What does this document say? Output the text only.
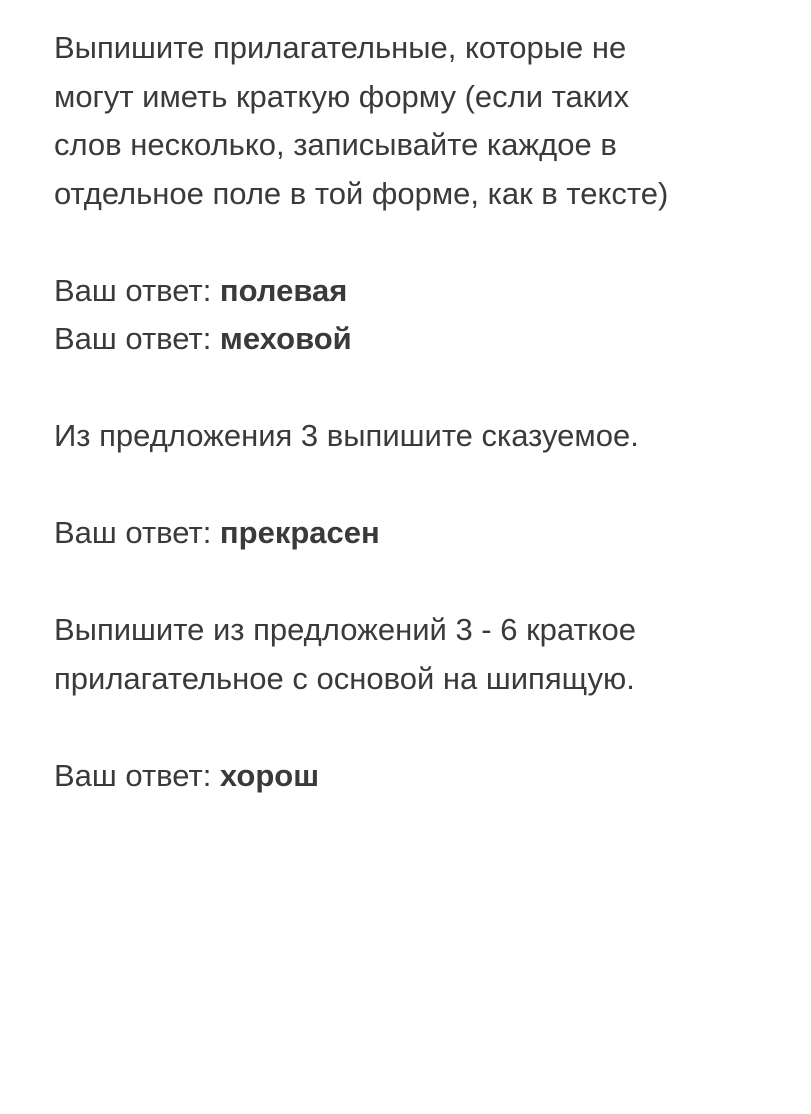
Выпишите прилагательные, которые не

могут иметь краткую форму (если таких

слов несколько, записывайте каждое в

отдельное поле в той форме, как в тексте)

Ваш ответ: полевая

Ваш ответ: меховой

Из предложения 3 выпишите сказуемое.

Ваш ответ: прекрасен

Выпишите из предложений 3 - 6 краткое

прилагательное с основой на шипящую.

Ваш ответ: хорош
